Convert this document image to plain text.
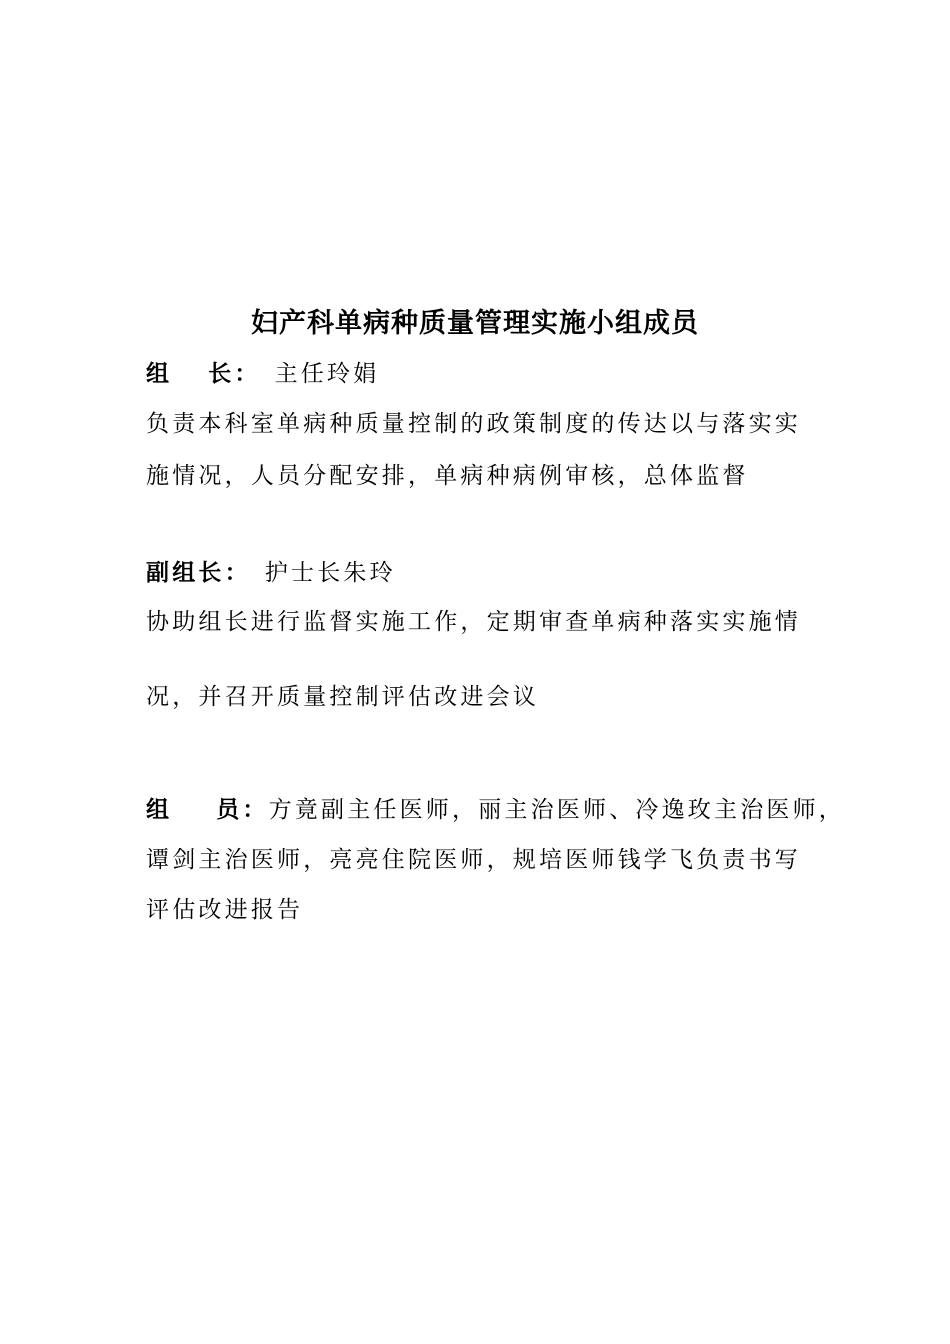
妇产科单病种质量管理实施小组成员
组 长： 主任玲娟
负责本科室单病种质量控制的政策制度的传达以与落实实
施情况，人员分配安排，单病种病例审核，总体监督
副组长： 护士长朱玲
协助组长进行监督实施工作，定期审查单病种落实实施情
况，并召开质量控制评估改进会议
组 员：方竟副主任医师，丽主治医师、冷逸玫主治医师，
谭剑主治医师，亮亮住院医师，规培医师钱学飞负责书写
评估改进报告
